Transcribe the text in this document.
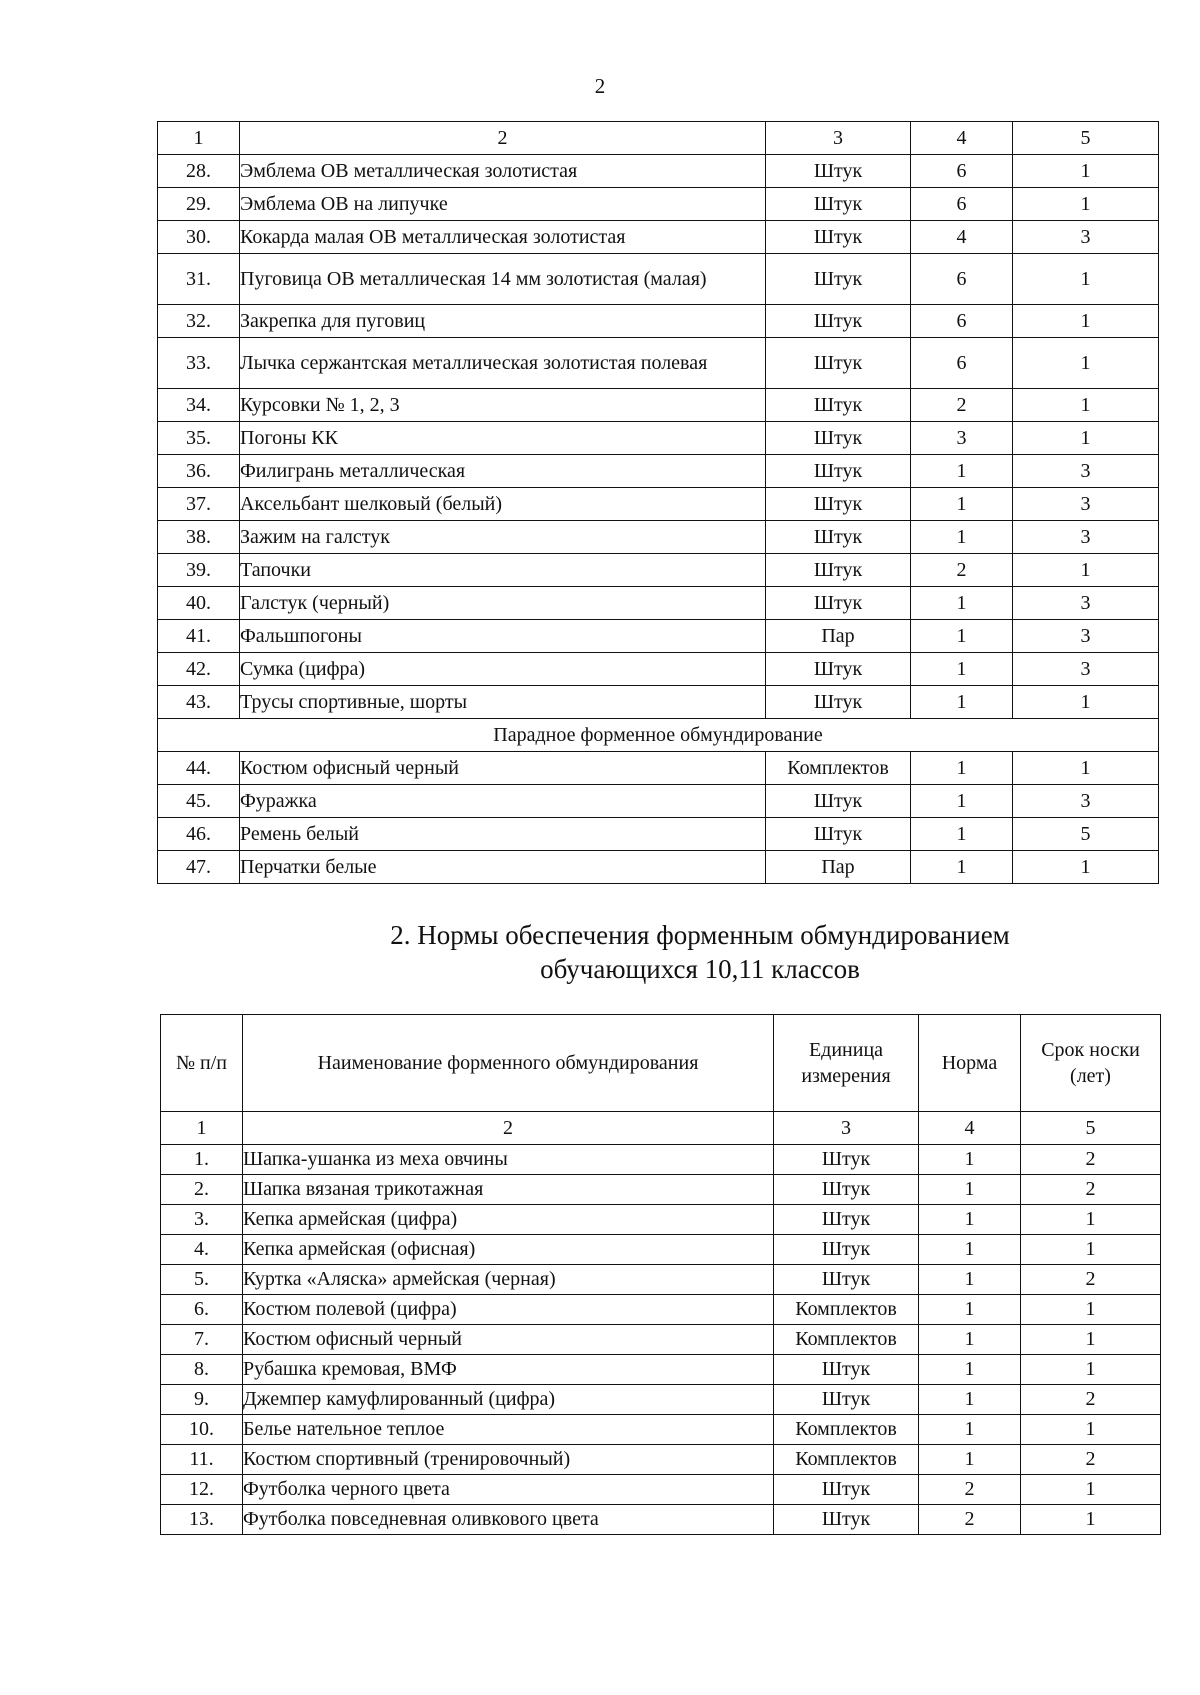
2
1	2	3	4	5
28.	Эмблема ОВ металлическая золотистая	Штук	6	1
29.	Эмблема ОВ на липучке	Штук	6	1
30.	Кокарда малая ОВ металлическая золотистая	Штук	4	3
31.	Пуговица ОВ металлическая 14 мм золотистая (малая)	Штук	6	1
32.	Закрепка для пуговиц	Штук	6	1
33.	Лычка сержантская металлическая золотистая полевая	Штук	6	1
34.	Курсовки № 1, 2, 3	Штук	2	1
35.	Погоны КК	Штук	3	1
36.	Филигрань металлическая	Штук	1	3
37.	Аксельбант шелковый (белый)	Штук	1	3
38.	Зажим на галстук	Штук	1	3
39.	Тапочки	Штук	2	1
40.	Галстук (черный)	Штук	1	3
41.	Фальшпогоны	Пар	1	3
42.	Сумка (цифра)	Штук	1	3
43.	Трусы спортивные, шорты	Штук	1	1
Парадное форменное обмундирование				
44.	Костюм офисный черный	Комплектов	1	1
45.	Фуражка	Штук	1	3
46.	Ремень белый	Штук	1	5
47.	Перчатки белые	Пар	1	1
2. Нормы обеспечения форменным обмундированием
обучающихся 10,11 классов
№ п/п	Наименование форменного обмундирования	Единица измерения	Норма	Срок носки (лет)
1	2	3	4	5
1.	Шапка-ушанка из меха овчины	Штук	1	2
2.	Шапка вязаная трикотажная	Штук	1	2
3.	Кепка армейская (цифра)	Штук	1	1
4.	Кепка армейская (офисная)	Штук	1	1
5.	Куртка «Аляска» армейская (черная)	Штук	1	2
6.	Костюм полевой (цифра)	Комплектов	1	1
7.	Костюм офисный черный	Комплектов	1	1
8.	Рубашка кремовая, ВМФ	Штук	1	1
9.	Джемпер камуфлированный (цифра)	Штук	1	2
10.	Белье нательное теплое	Комплектов	1	1
11.	Костюм спортивный (тренировочный)	Комплектов	1	2
12.	Футболка черного цвета	Штук	2	1
13.	Футболка повседневная оливкового цвета	Штук	2	1
